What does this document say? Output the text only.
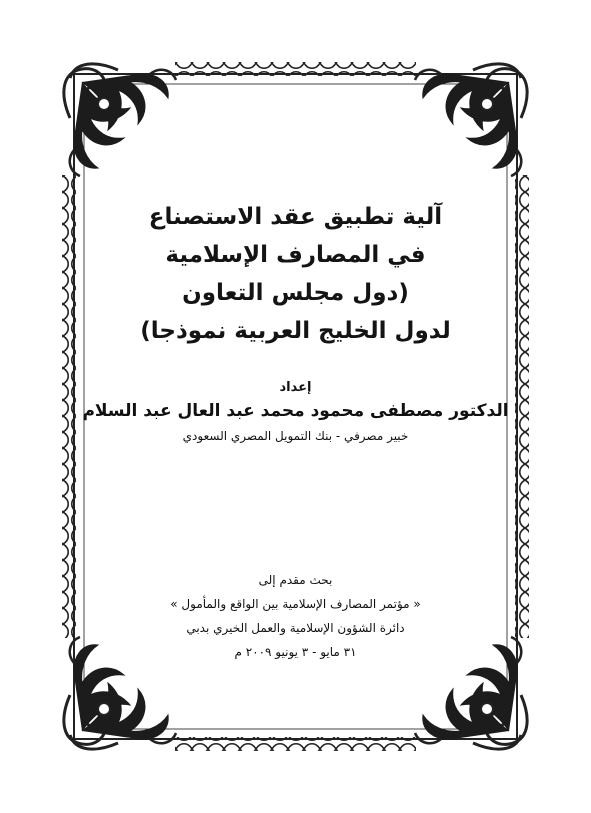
آلية تطبيق عقد الاستصناع
في المصارف الإسلامية
(دول مجلس التعاون
لدول الخليج العربية نموذجا)
إعداد
الدكتور مصطفى محمود محمد عبد العال عبد السلام
خبير مصرفي - بنك التمويل المصري السعودي
بحث مقدم إلى
« مؤتمر المصارف الإسلامية بين الواقع والمأمول »
دائرة الشؤون الإسلامية والعمل الخيري بدبي
٣١ مايو - ٣ يونيو ٢٠٠٩ م
